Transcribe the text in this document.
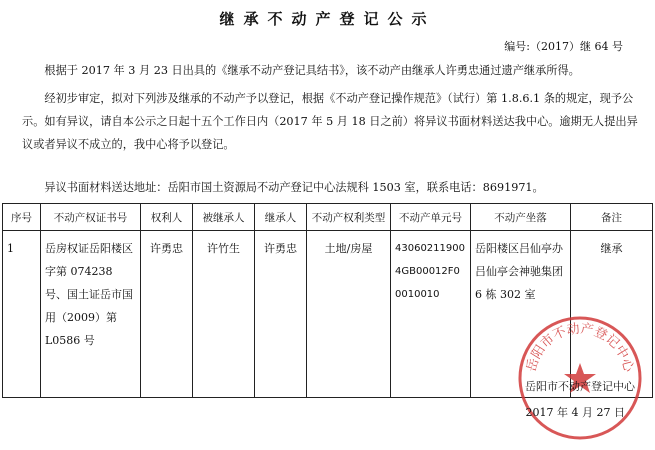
继承不动产登记公示
编号:（2017）继 64 号
根据于 2017 年 3 月 23 日出具的《继承不动产登记具结书》，该不动产由继承人许勇忠通过遗产继承所得。
经初步审定，拟对下列涉及继承的不动产予以登记，根据《不动产登记操作规范》（试行）第 1.8.6.1 条的规定，现予公示。如有异议，请自本公示之日起十五个工作日内（2017 年 5 月 18 日之前）将异议书面材料送达我中心。逾期无人提出异议或者异议不成立的，我中心将予以登记。
异议书面材料送达地址：岳阳市国土资源局不动产登记中心法规科 1503 室，联系电话：8691971。
序号	不动产权证书号	权利人	被继承人	继承人	不动产权利类型	不动产单元号	不动产坐落	备注
1	岳房权证岳阳楼区字第 074238 号、国土证岳市国用（2009）第 L0586 号	许勇忠	许竹生	许勇忠	土地/房屋	430602119004GB00012F00010010	岳阳楼区吕仙亭办吕仙亭会神驰集团 6 栋 302 室	继承
岳阳市不动产登记中心
岳阳市不动产登记中心
2017 年 4 月 27 日
